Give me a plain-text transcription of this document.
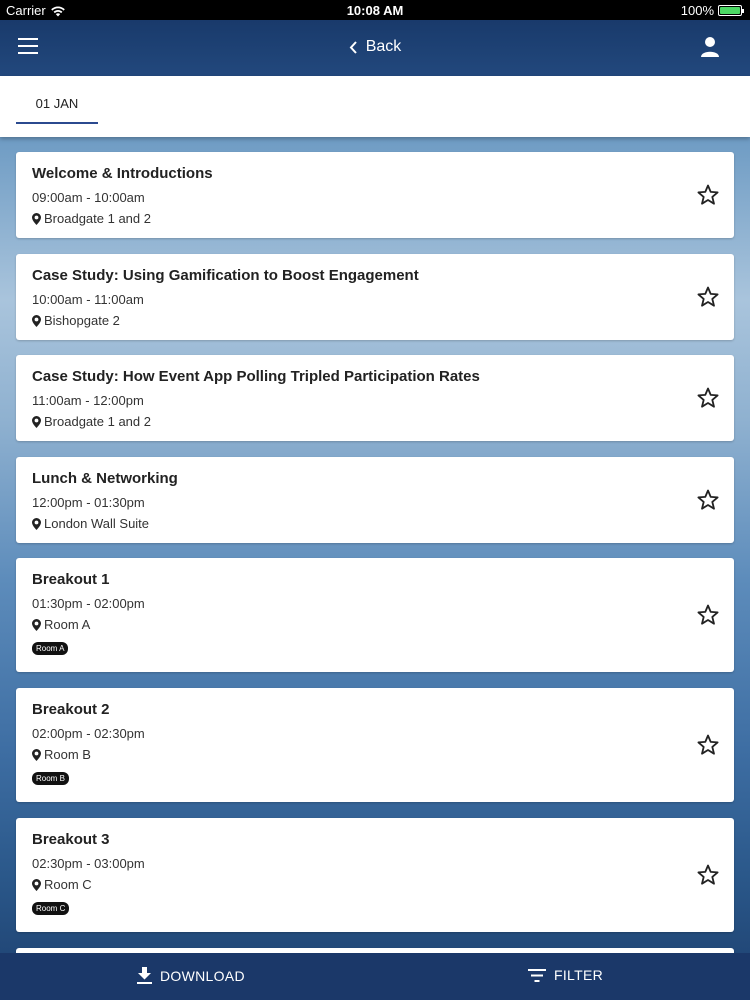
Carrier	10:08 AM	100%
Back
01 JAN
Welcome & Introductions
09:00am - 10:00am
Broadgate 1 and 2
Case Study: Using Gamification to Boost Engagement
10:00am - 11:00am
Bishopgate 2
Case Study: How Event App Polling Tripled Participation Rates
11:00am - 12:00pm
Broadgate 1 and 2
Lunch & Networking
12:00pm - 01:30pm
London Wall Suite
Breakout 1
01:30pm - 02:00pm
Room A
Room A
Breakout 2
02:00pm - 02:30pm
Room B
Room B
Breakout 3
02:30pm - 03:00pm
Room C
Room C
DOWNLOAD	FILTER
